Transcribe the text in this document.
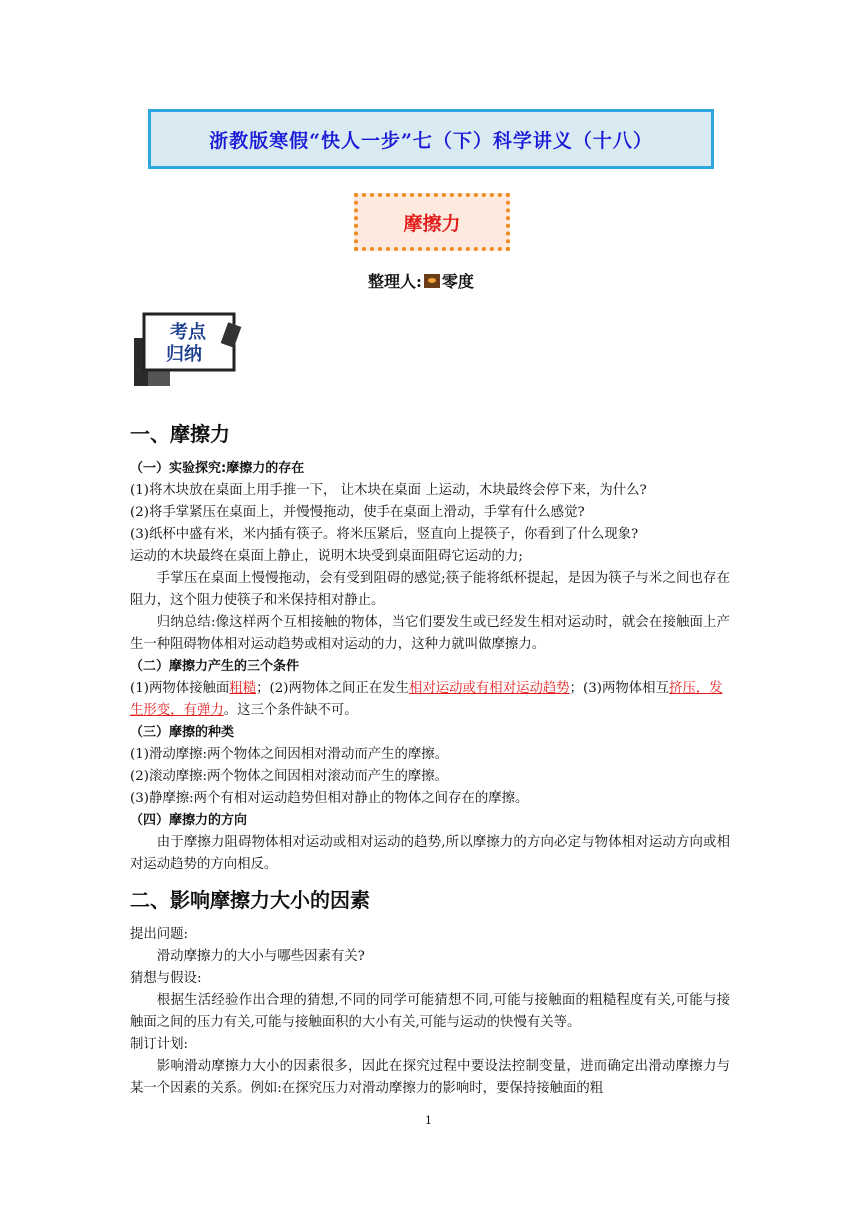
浙教版寒假“快人一步”七（下）科学讲义（十八）
摩擦力
整理人: 零度
考点
归纳
一、摩擦力

（一）实验探究:摩擦力的存在

(1)将木块放在桌面上用手推一下， 让木块在桌面 上运动，木块最终会停下来，为什么?

(2)将手掌紧压在桌面上，并慢慢拖动，使手在桌面上滑动，手掌有什么感觉?

(3)纸杯中盛有米，米内插有筷子。将米压紧后，竖直向上提筷子，你看到了什么现象?

运动的木块最终在桌面上静止，说明木块受到桌面阻碍它运动的力;

手掌压在桌面上慢慢拖动，会有受到阻碍的感觉;筷子能将纸杯提起，是因为筷子与米之间也存在阻力，这个阻力使筷子和米保持相对静止。

归纳总结:像这样两个互相接触的物体，当它们要发生或已经发生相对运动时，就会在接触面上产生一种阻碍物体相对运动趋势或相对运动的力，这种力就叫做摩擦力。

（二）摩擦力产生的三个条件

(1)两物体接触面粗糙；(2)两物体之间正在发生相对运动或有相对运动趋势；(3)两物体相互挤压，发生形变，有弹力。这三个条件缺不可。

（三）摩擦的种类

(1)滑动摩擦:两个物体之间因相对滑动而产生的摩擦。

(2)滚动摩擦:两个物体之间因相对滚动而产生的摩擦。

(3)静摩擦:两个有相对运动趋势但相对静止的物体之间存在的摩擦。

（四）摩擦力的方向

由于摩擦力阻碍物体相对运动或相对运动的趋势,所以摩擦力的方向必定与物体相对运动方向或相对运动趋势的方向相反。

二、影响摩擦力大小的因素

提出问题:

滑动摩擦力的大小与哪些因素有关?

猜想与假设:

根据生活经验作出合理的猜想,不同的同学可能猜想不同,可能与接触面的粗糙程度有关,可能与接触面之间的压力有关,可能与接触面积的大小有关,可能与运动的快慢有关等。

制订计划:

影响滑动摩擦力大小的因素很多，因此在探究过程中要设法控制变量，进而确定出滑动摩擦力与某一个因素的关系。例如:在探究压力对滑动摩擦力的影响时，要保持接触面的粗

1
